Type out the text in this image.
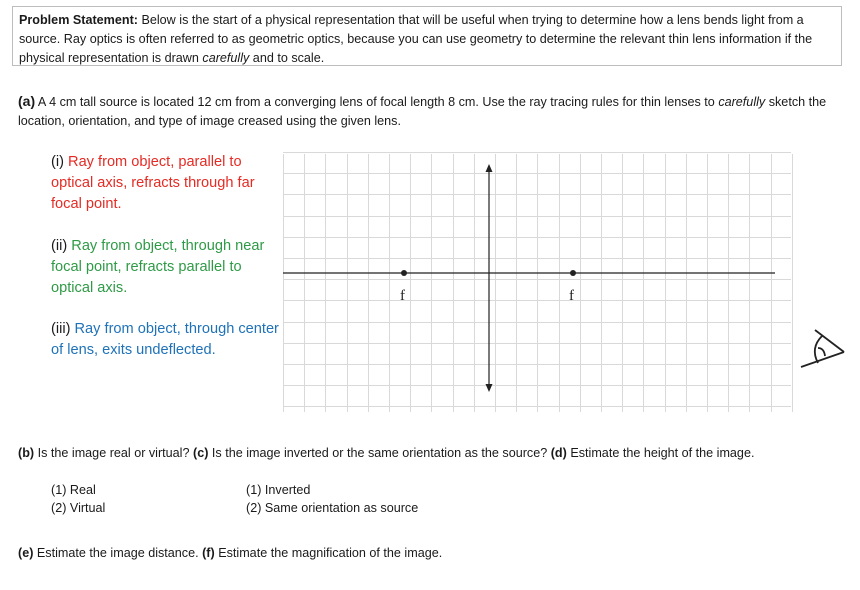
Problem Statement: Below is the start of a physical representation that will be useful when trying to determine how a lens bends light from a source. Ray optics is often referred to as geometric optics, because you can use geometry to determine the relevant thin lens information if the physical representation is drawn carefully and to scale.
(a) A 4 cm tall source is located 12 cm from a converging lens of focal length 8 cm. Use the ray tracing rules for thin lenses to carefully sketch the location, orientation, and type of image creased using the given lens.
(i) Ray from object, parallel to optical axis, refracts through far focal point.
(ii) Ray from object, through near focal point, refracts parallel to optical axis.
(iii) Ray from object, through center of lens, exits undeflected.
f	f
(b) Is the image real or virtual? (c) Is the image inverted or the same orientation as the source? (d) Estimate the height of the image.
(1) Real
(2) Virtual
(1) Inverted
(2) Same orientation as source
(e) Estimate the image distance. (f) Estimate the magnification of the image.
